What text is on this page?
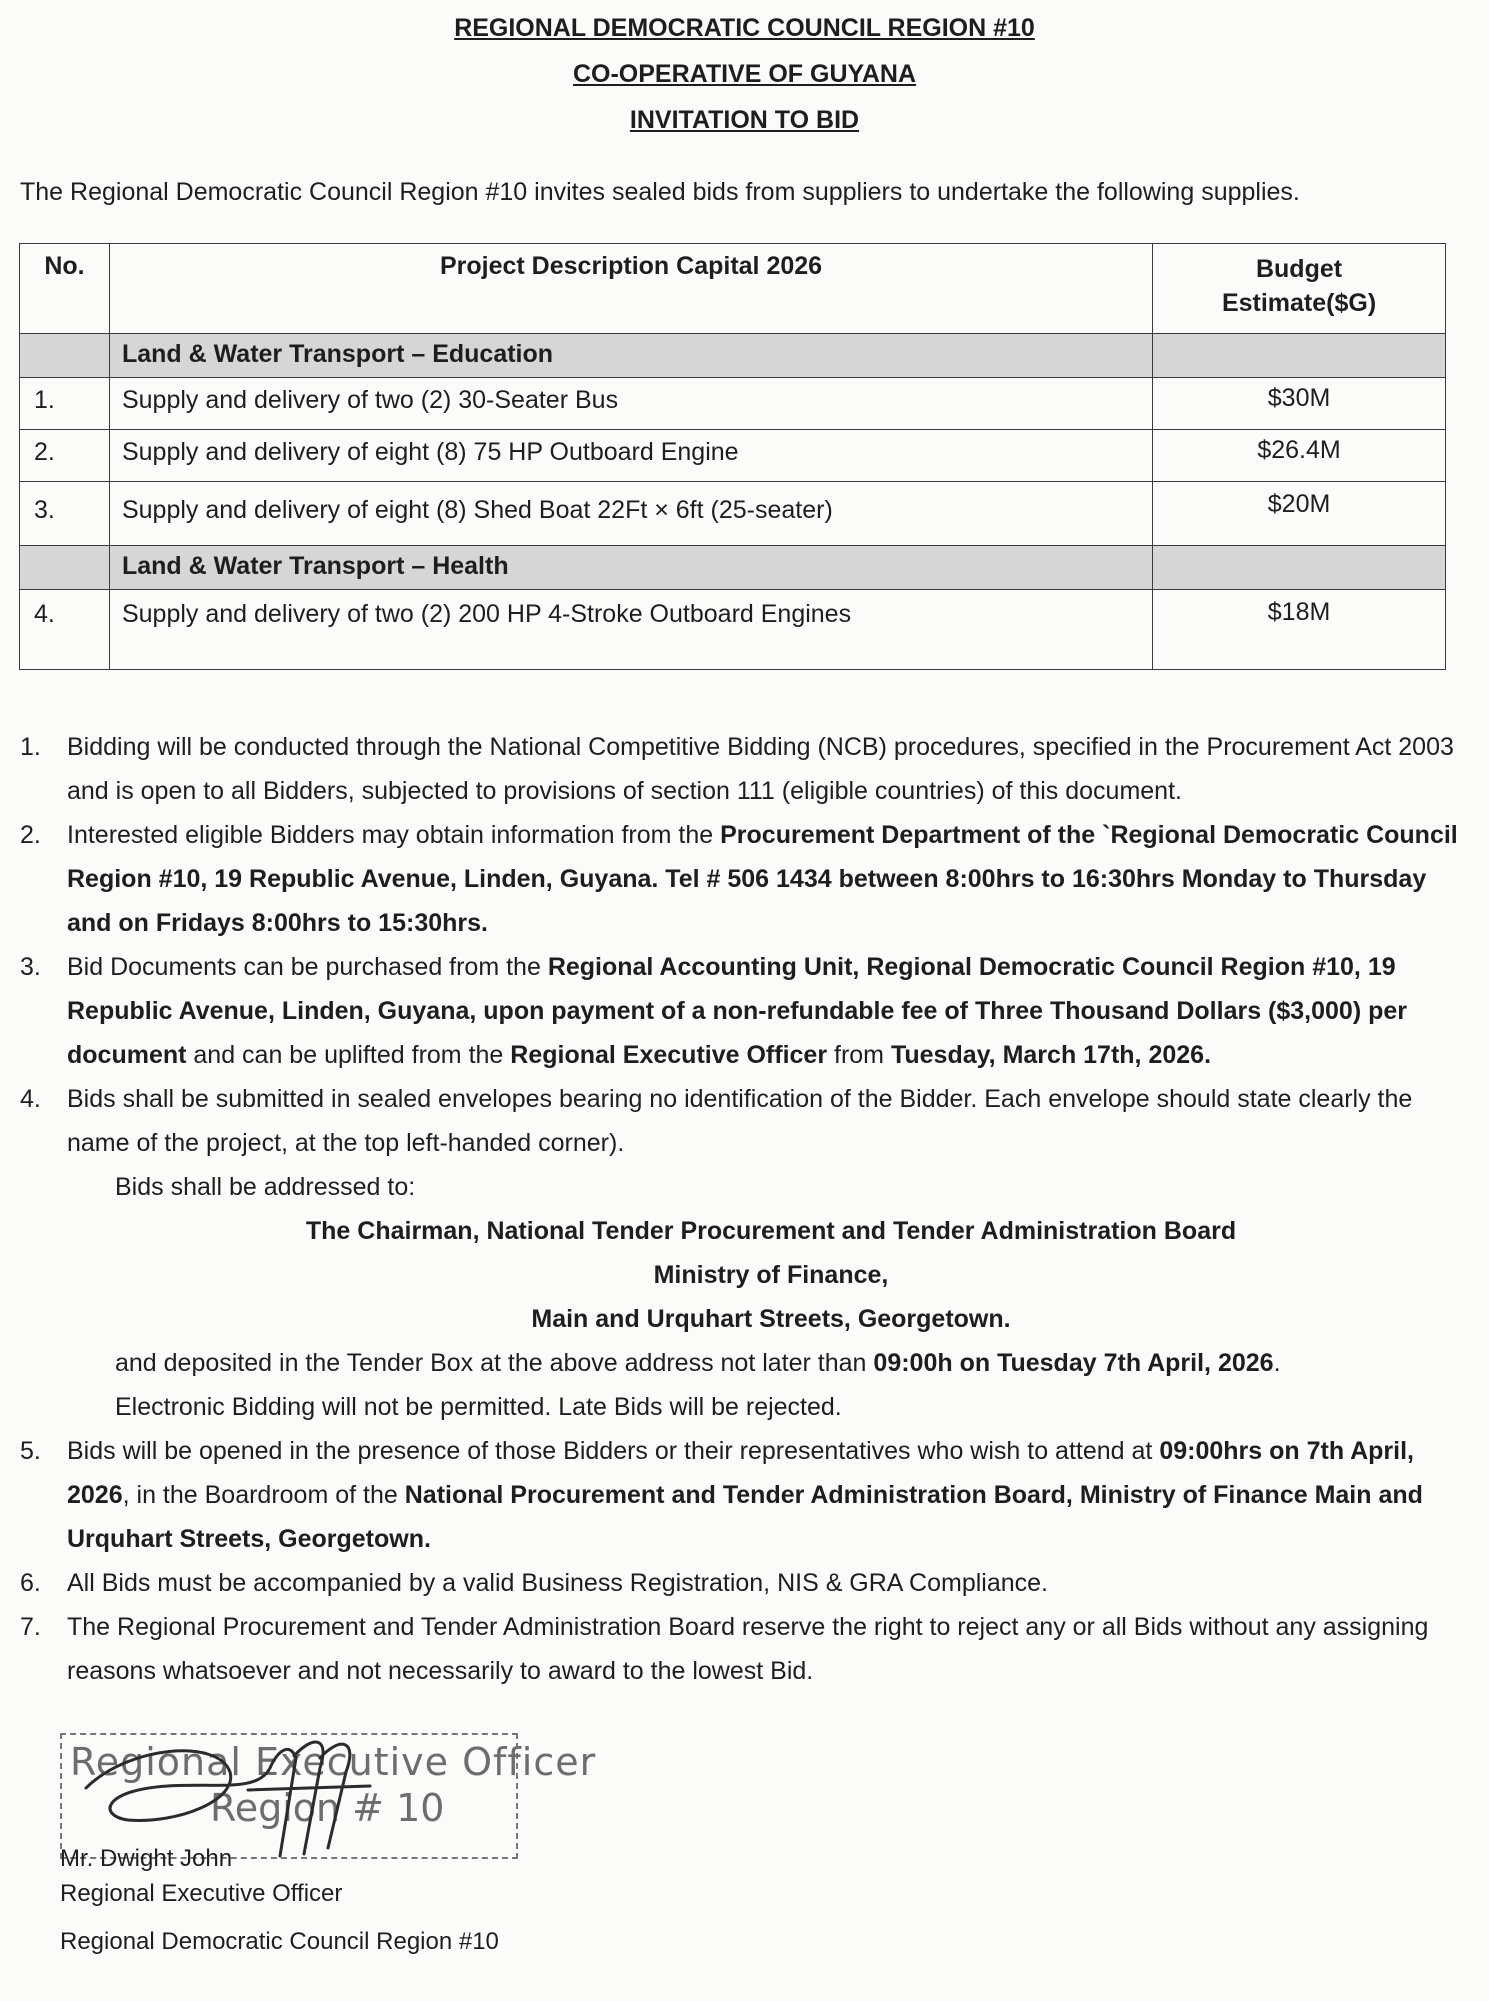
REGIONAL DEMOCRATIC COUNCIL REGION #10
CO-OPERATIVE OF GUYANA
INVITATION TO BID
The Regional Democratic Council Region #10 invites sealed bids from suppliers to undertake the following supplies.
No.	Project Description Capital 2026	Budget
Estimate($G)

	Land & Water Transport – Education	
1.	Supply and delivery of two (2) 30-Seater Bus	$30M
2.	Supply and delivery of eight (8) 75 HP Outboard Engine	$26.4M
3.	Supply and delivery of eight (8) Shed Boat 22Ft × 6ft (25-seater)	$20M
	Land & Water Transport – Health	
4.	Supply and delivery of two (2) 200 HP 4-Stroke Outboard Engines	$18M
1. Bidding will be conducted through the National Competitive Bidding (NCB) procedures, specified in the Procurement Act 2003 and is open to all Bidders, subjected to provisions of section 111 (eligible countries) of this document.
2. Interested eligible Bidders may obtain information from the Procurement Department of the `Regional Democratic Council Region #10, 19 Republic Avenue, Linden, Guyana. Tel # 506 1434 between 8:00hrs to 16:30hrs Monday to Thursday and on Fridays 8:00hrs to 15:30hrs.
3. Bid Documents can be purchased from the Regional Accounting Unit, Regional Democratic Council Region #10, 19 Republic Avenue, Linden, Guyana, upon payment of a non-refundable fee of Three Thousand Dollars ($3,000) per document and can be uplifted from the Regional Executive Officer from Tuesday, March 17th, 2026.
4. Bids shall be submitted in sealed envelopes bearing no identification of the Bidder. Each envelope should state clearly the name of the project, at the top left-handed corner).
Bids shall be addressed to:
The Chairman, National Tender Procurement and Tender Administration Board
Ministry of Finance,
Main and Urquhart Streets, Georgetown.
and deposited in the Tender Box at the above address not later than 09:00h on Tuesday 7th April, 2026.
Electronic Bidding will not be permitted. Late Bids will be rejected.
5. Bids will be opened in the presence of those Bidders or their representatives who wish to attend at 09:00hrs on 7th April, 2026, in the Boardroom of the National Procurement and Tender Administration Board, Ministry of Finance Main and Urquhart Streets, Georgetown.
6. All Bids must be accompanied by a valid Business Registration, NIS & GRA Compliance.
7. The Regional Procurement and Tender Administration Board reserve the right to reject any or all Bids without any assigning reasons whatsoever and not necessarily to award to the lowest Bid.
Regional Executive Officer
Region # 10
Mr. Dwight John
Regional Executive Officer
Regional Democratic Council Region #10
